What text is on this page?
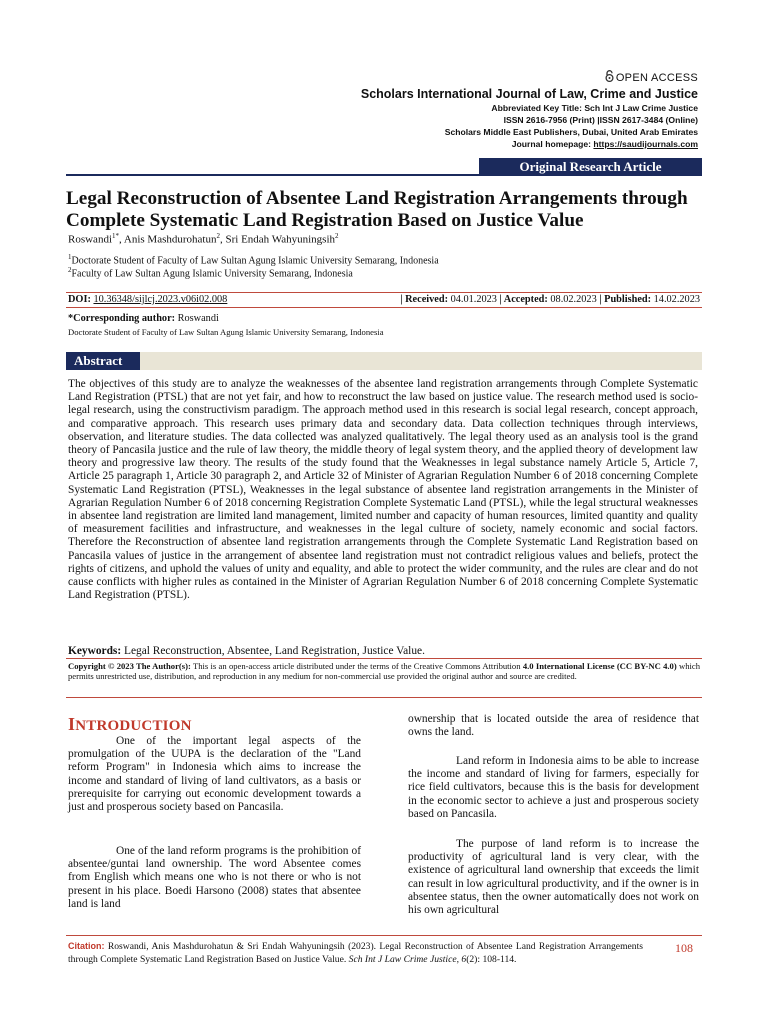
OPEN ACCESS
Scholars International Journal of Law, Crime and Justice
Abbreviated Key Title: Sch Int J Law Crime Justice
ISSN 2616-7956 (Print) |ISSN 2617-3484 (Online)
Scholars Middle East Publishers, Dubai, United Arab Emirates
Journal homepage: https://saudijournals.com
Original Research Article
Legal Reconstruction of Absentee Land Registration Arrangements through Complete Systematic Land Registration Based on Justice Value
Roswandi$^{1*}$, Anis Mashdurohatun$^2$, Sri Endah Wahyuningsih$^2$
$^1$Doctorate Student of Faculty of Law Sultan Agung Islamic University Semarang, Indonesia
$^2$Faculty of Law Sultan Agung Islamic University Semarang, Indonesia
DOI: 10.36348/sijlcj.2023.v06i02.008	| Received: 04.01.2023 | Accepted: 08.02.2023 | Published: 14.02.2023
*Corresponding author: Roswandi
Doctorate Student of Faculty of Law Sultan Agung Islamic University Semarang, Indonesia
Abstract
The objectives of this study are to analyze the weaknesses of the absentee land registration arrangements through Complete Systematic Land Registration (PTSL) that are not yet fair, and how to reconstruct the law based on justice value. The research method used is socio-legal research, using the constructivism paradigm. The approach method used in this research is social legal research, concept approach, and comparative approach. This research uses primary data and secondary data. Data collection techniques through interviews, observation, and literature studies. The data collected was analyzed qualitatively. The legal theory used as an analysis tool is the grand theory of Pancasila justice and the rule of law theory, the middle theory of legal system theory, and the applied theory of development law theory and progressive law theory. The results of the study found that the Weaknesses in legal substance namely Article 5, Article 7, Article 25 paragraph 1, Article 30 paragraph 2, and Article 32 of Minister of Agrarian Regulation Number 6 of 2018 concerning Complete Systematic Land Registration (PTSL), Weaknesses in the legal substance of absentee land registration arrangements in the Minister of Agrarian Regulation Number 6 of 2018 concerning Registration Complete Systematic Land (PTSL), while the legal structural weaknesses in absentee land registration are limited land management, limited number and capacity of human resources, limited quantity and quality of measurement facilities and infrastructure, and weaknesses in the legal culture of society, namely economic and social factors. Therefore the Reconstruction of absentee land registration arrangements through the Complete Systematic Land Registration based on Pancasila values of justice in the arrangement of absentee land registration must not contradict religious values and beliefs, protect the rights of citizens, and uphold the values of unity and equality, and able to protect the wider community, and the rules are clear and do not cause conflicts with higher rules as contained in the Minister of Agrarian Regulation Number 6 of 2018 concerning Complete Systematic Land Registration (PTSL).
Keywords: Legal Reconstruction, Absentee, Land Registration, Justice Value.
Copyright © 2023 The Author(s): This is an open-access article distributed under the terms of the Creative Commons Attribution 4.0 International License (CC BY-NC 4.0) which permits unrestricted use, distribution, and reproduction in any medium for non-commercial use provided the original author and source are credited.
INTRODUCTION
One of the important legal aspects of the promulgation of the UUPA is the declaration of the "Land reform Program" in Indonesia which aims to increase the income and standard of living of land cultivators, as a basis or prerequisite for carrying out economic development towards a just and prosperous society based on Pancasila.
One of the land reform programs is the prohibition of absentee/guntai land ownership. The word Absentee comes from English which means one who is not there or who is not present in his place. Boedi Harsono (2008) states that absentee land is land
ownership that is located outside the area of residence that owns the land.
Land reform in Indonesia aims to be able to increase the income and standard of living for farmers, especially for rice field cultivators, because this is the basis for development in the economic sector to achieve a just and prosperous society based on Pancasila.
The purpose of land reform is to increase the productivity of agricultural land is very clear, with the existence of agricultural land ownership that exceeds the limit can result in low agricultural productivity, and if the owner is in absentee status, then the owner automatically does not work on his own agricultural
Citation: Roswandi, Anis Mashdurohatun & Sri Endah Wahyuningsih (2023). Legal Reconstruction of Absentee Land Registration Arrangements through Complete Systematic Land Registration Based on Justice Value. Sch Int J Law Crime Justice, 6(2): 108-114.
108
